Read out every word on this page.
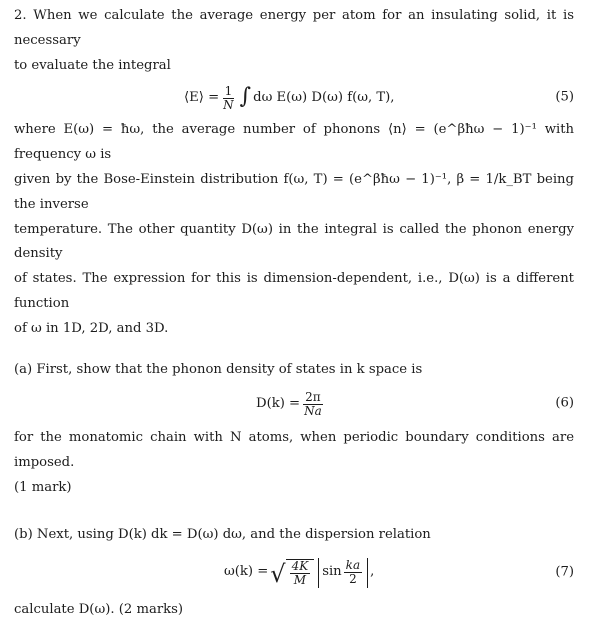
2. When we calculate the average energy per atom for an insulating solid, it is necessary
to evaluate the integral

⟨E⟩ = $\frac{1}{N}$ ∫ dω E(ω) D(ω) f(ω, T),	(5)

where E(ω) = ħω, the average number of phonons ⟨n⟩ = (e^βħω − 1)⁻¹ with frequency ω is
given by the Bose-Einstein distribution f(ω, T) = (e^βħω − 1)⁻¹, β = 1/k_BT being the inverse
temperature. The other quantity D(ω) in the integral is called the phonon energy density
of states. The expression for this is dimension-dependent, i.e., D(ω) is a different function
of ω in 1D, 2D, and 3D.

(a) First, show that the phonon density of states in k space is

$D(k) = \frac{2\pi}{Na}$	(6)

for the monatomic chain with N atoms, when periodic boundary conditions are imposed.
(1 mark)

(b) Next, using D(k) dk = D(ω) dω, and the dispersion relation

ω(k) = √ $\frac{4K}{M}$ $\sin \frac{ka}{2}$ ,	(7)

calculate D(ω). (2 marks)
